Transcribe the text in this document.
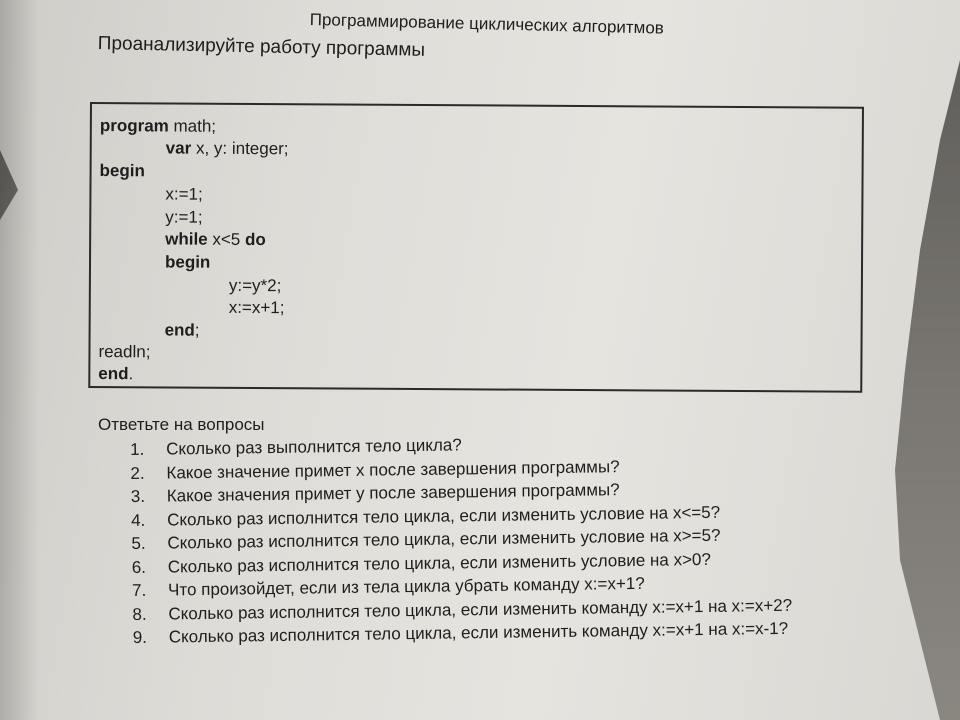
Программирование циклических алгоритмов
Проанализируйте работу программы
program math;
var x, y: integer;
begin
x:=1;
y:=1;
while x<5 do
begin
y:=y*2;
x:=x+1;
end;
readln;
end.
Ответьте на вопросы
1. Сколько раз выполнится тело цикла?
2. Какое значение примет x после завершения программы?
3. Какое значения примет у после завершения программы?
4. Сколько раз исполнится тело цикла, если изменить условие на x<=5?
5. Сколько раз исполнится тело цикла, если изменить условие на x>=5?
6. Сколько раз исполнится тело цикла, если изменить условие на x>0?
7. Что произойдет, если из тела цикла убрать команду x:=x+1?
8. Сколько раз исполнится тело цикла, если изменить команду x:=x+1 на x:=x+2?
9. Сколько раз исполнится тело цикла, если изменить команду x:=x+1 на x:=x-1?
